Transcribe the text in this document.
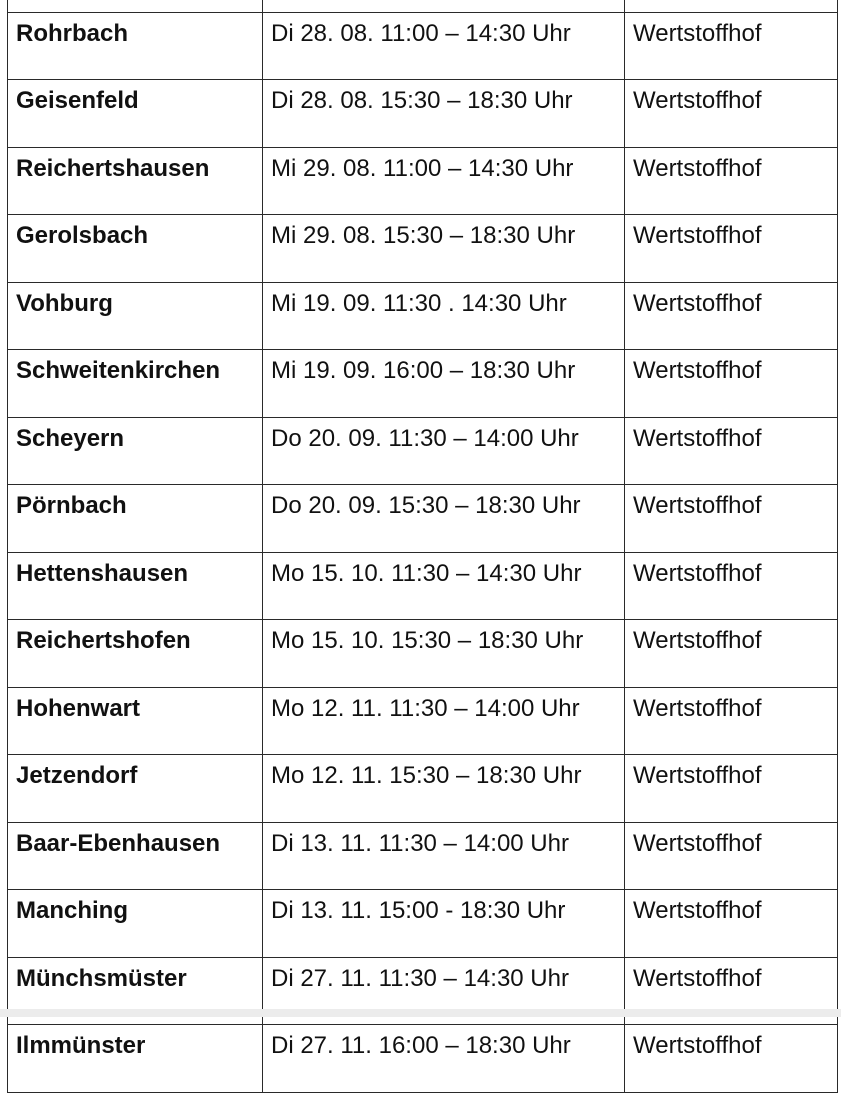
Rohrbach	Di 28. 08. 11:00 – 14:30 Uhr	Wertstoffhof
Geisenfeld	Di 28. 08. 15:30 – 18:30 Uhr	Wertstoffhof
Reichertshausen	Mi 29. 08. 11:00 – 14:30 Uhr	Wertstoffhof
Gerolsbach	Mi 29. 08. 15:30 – 18:30 Uhr	Wertstoffhof
Vohburg	Mi 19. 09. 11:30 . 14:30 Uhr	Wertstoffhof
Schweitenkirchen	Mi 19. 09. 16:00 – 18:30 Uhr	Wertstoffhof
Scheyern	Do 20. 09. 11:30 – 14:00 Uhr	Wertstoffhof
Pörnbach	Do 20. 09. 15:30 – 18:30 Uhr	Wertstoffhof
Hettenshausen	Mo 15. 10. 11:30 – 14:30 Uhr	Wertstoffhof
Reichertshofen	Mo 15. 10. 15:30 – 18:30 Uhr	Wertstoffhof
Hohenwart	Mo 12. 11. 11:30 – 14:00 Uhr	Wertstoffhof
Jetzendorf	Mo 12. 11. 15:30 – 18:30 Uhr	Wertstoffhof
Baar-Ebenhausen	Di 13. 11. 11:30 – 14:00 Uhr	Wertstoffhof
Manching	Di 13. 11. 15:00 - 18:30 Uhr	Wertstoffhof
Münchsmüster	Di 27. 11. 11:30 – 14:30 Uhr	Wertstoffhof
Ilmmünster	Di 27. 11. 16:00 – 18:30 Uhr	Wertstoffhof
